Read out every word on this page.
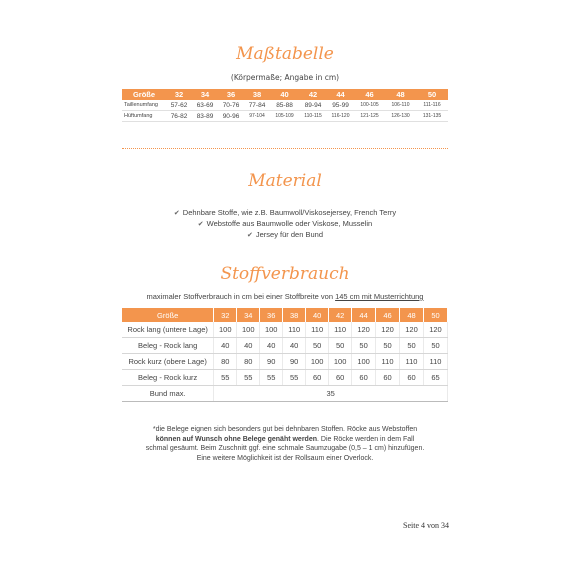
Maßtabelle
(Körpermaße; Angabe in cm)
Größe	32	34	36	38	40	42	44	46	48	50
Taillenumfang	57-62	63-69	70-76	77-84	85-88	89-94	95-99	100-105	106-110	111-116
Hüftumfang	76-82	83-89	90-96	97-104	105-109	110-115	116-120	121-125	126-130	131-135
Material
✔ Dehnbare Stoffe, wie z.B. Baumwoll/Viskosejersey, French Terry
✔ Webstoffe aus Baumwolle oder Viskose, Musselin
✔ Jersey für den Bund
Stoffverbrauch
maximaler Stoffverbrauch in cm bei einer Stoffbreite von 145 cm mit Musterrichtung
Größe	32	34	36	38	40	42	44	46	48	50
Rock lang (untere Lage)	100	100	100	110	110	110	120	120	120	120
Beleg - Rock lang	40	40	40	40	50	50	50	50	50	50
Rock kurz (obere Lage)	80	80	90	90	100	100	100	110	110	110
Beleg - Rock kurz	55	55	55	55	60	60	60	60	60	65
Bund max.	35									
*die Belege eignen sich besonders gut bei dehnbaren Stoffen. Röcke aus Webstoffen
können auf Wunsch ohne Belege genäht werden. Die Röcke werden in dem Fall
schmal gesäumt. Beim Zuschnitt ggf. eine schmale Saumzugabe (0,5 – 1 cm) hinzufügen.
Eine weitere Möglichkeit ist der Rollsaum einer Overlock.
Seite 4 von 34
